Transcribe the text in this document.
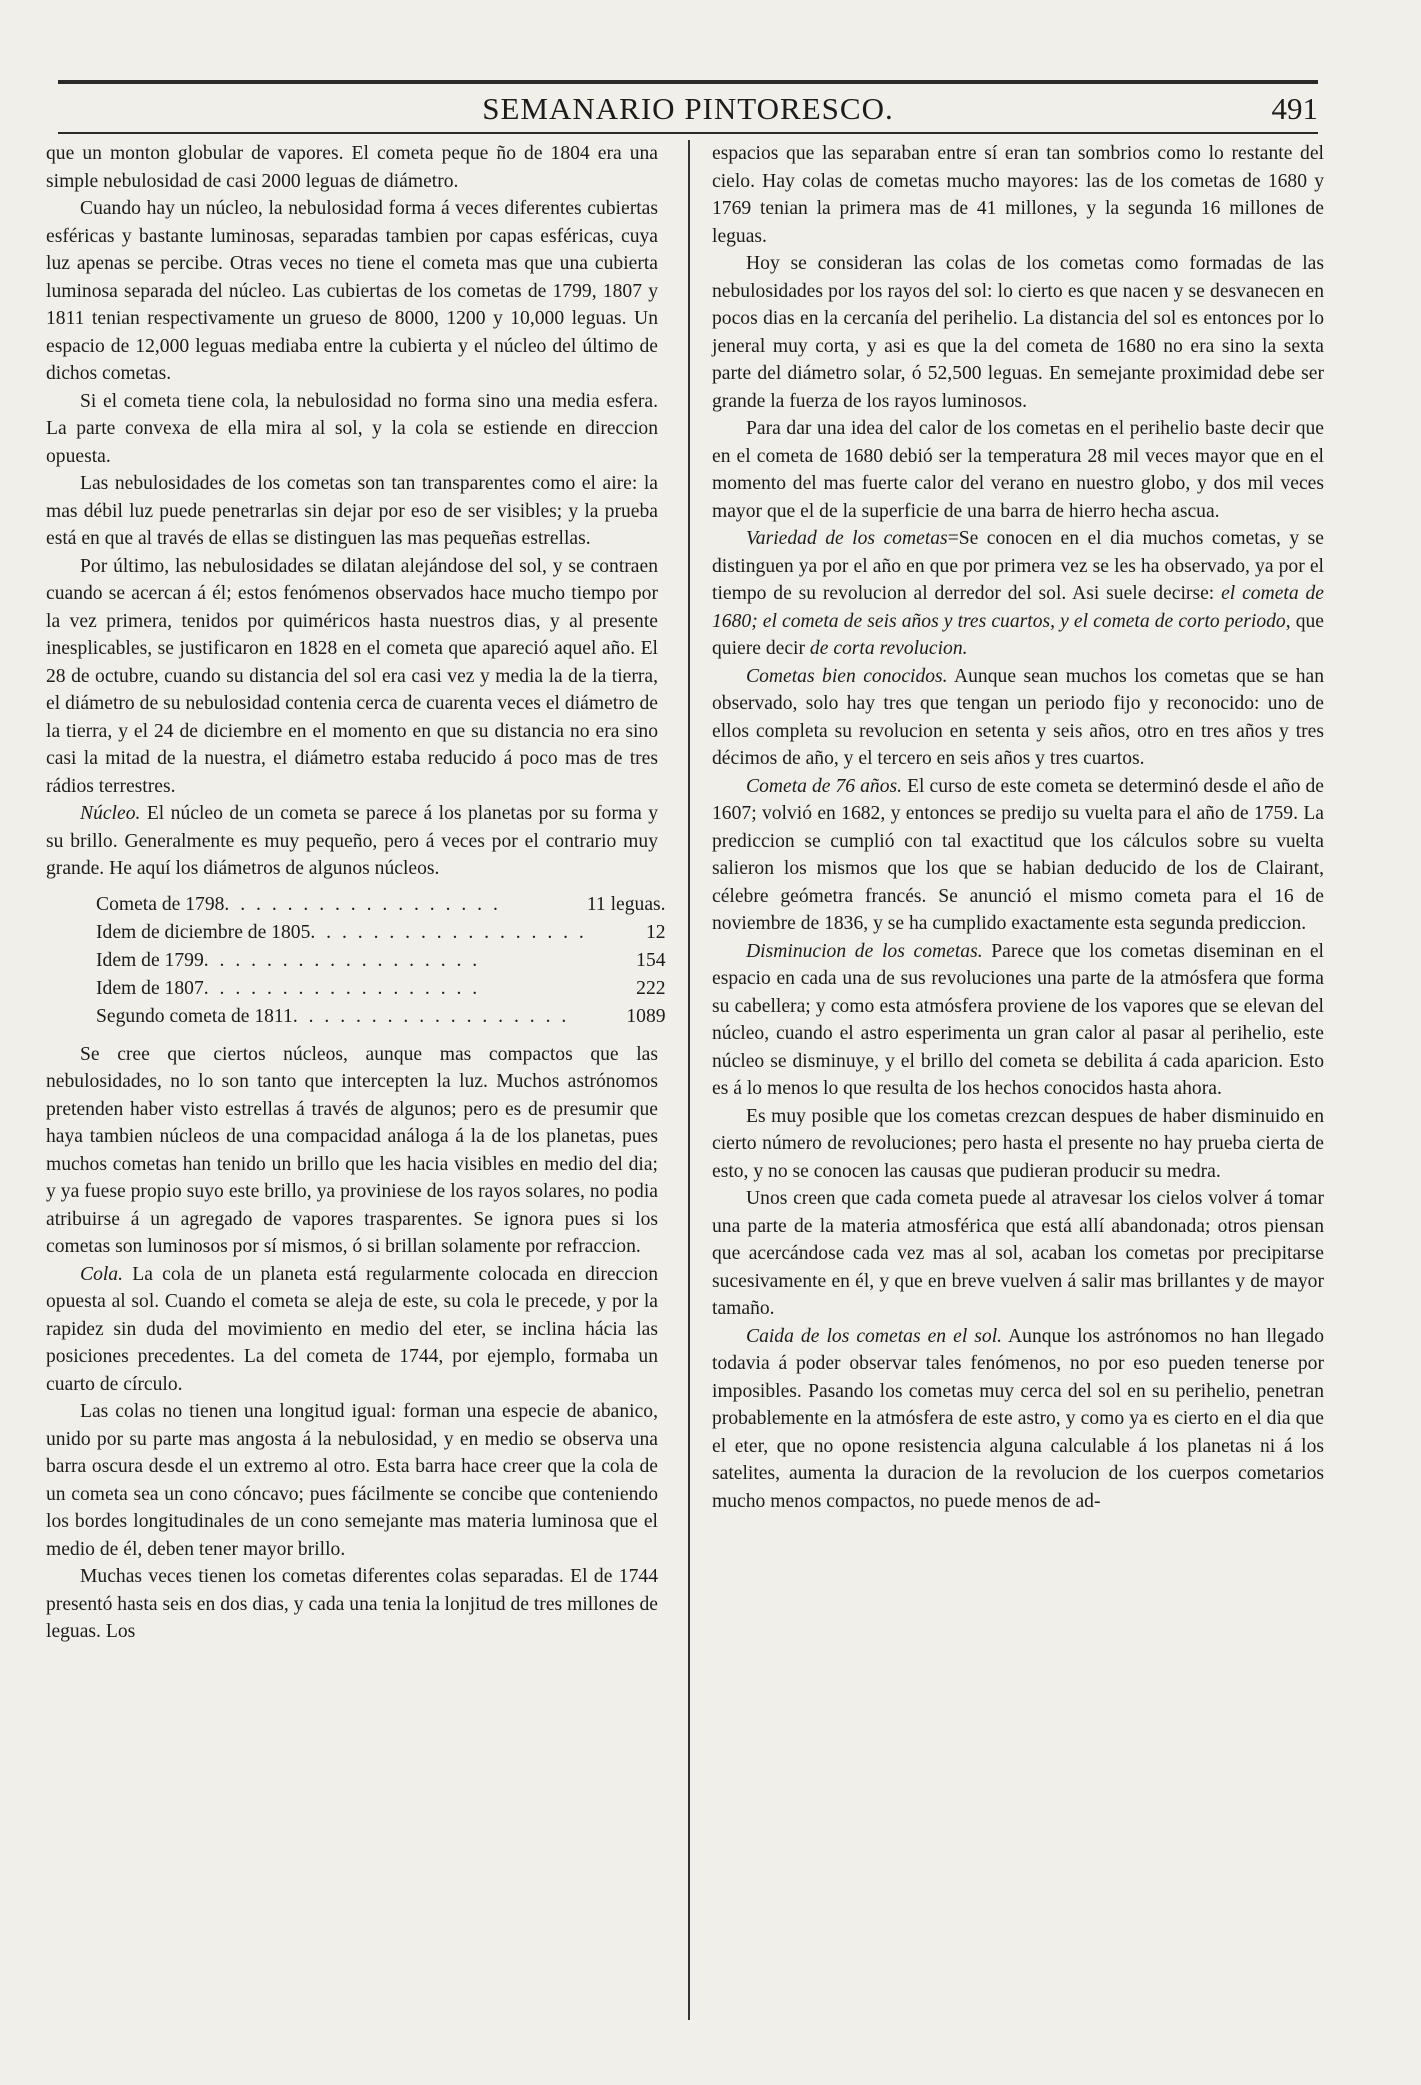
SEMANARIO PINTORESCO.	491

que un monton globular de vapores. El cometa peque ño de 1804 era una simple nebulosidad de casi 2000 leguas de diámetro.

Cuando hay un núcleo, la nebulosidad forma á veces diferentes cubiertas esféricas y bastante luminosas, separadas tambien por capas esféricas, cuya luz apenas se percibe. Otras veces no tiene el cometa mas que una cubierta luminosa separada del núcleo. Las cubiertas de los cometas de 1799, 1807 y 1811 tenian respectivamente un grueso de 8000, 1200 y 10,000 leguas. Un espacio de 12,000 leguas mediaba entre la cubierta y el núcleo del último de dichos cometas.

Si el cometa tiene cola, la nebulosidad no forma sino una media esfera. La parte convexa de ella mira al sol, y la cola se estiende en direccion opuesta.

Las nebulosidades de los cometas son tan transparentes como el aire: la mas débil luz puede penetrarlas sin dejar por eso de ser visibles; y la prueba está en que al través de ellas se distinguen las mas pequeñas estrellas.

Por último, las nebulosidades se dilatan alejándose del sol, y se contraen cuando se acercan á él; estos fenómenos observados hace mucho tiempo por la vez primera, tenidos por quiméricos hasta nuestros dias, y al presente inesplicables, se justificaron en 1828 en el cometa que apareció aquel año. El 28 de octubre, cuando su distancia del sol era casi vez y media la de la tierra, el diámetro de su nebulosidad contenia cerca de cuarenta veces el diámetro de la tierra, y el 24 de diciembre en el momento en que su distancia no era sino casi la mitad de la nuestra, el diámetro estaba reducido á poco mas de tres rádios terrestres.

Núcleo. El núcleo de un cometa se parece á los planetas por su forma y su brillo. Generalmente es muy pequeño, pero á veces por el contrario muy grande. He aquí los diámetros de algunos núcleos.

Cometa de 1798. . . . . . . . . . . . . . . . . .	11 leguas.
Idem de diciembre de 1805. . . . . . . . . . . . . . . . . .	12
Idem de 1799. . . . . . . . . . . . . . . . . .	154
Idem de 1807. . . . . . . . . . . . . . . . . .	222
Segundo cometa de 1811. . . . . . . . . . . . . . . . . .	1089

Se cree que ciertos núcleos, aunque mas compactos que las nebulosidades, no lo son tanto que intercepten la luz. Muchos astrónomos pretenden haber visto estrellas á través de algunos; pero es de presumir que haya tambien núcleos de una compacidad análoga á la de los planetas, pues muchos cometas han tenido un brillo que les hacia visibles en medio del dia; y ya fuese propio suyo este brillo, ya proviniese de los rayos solares, no podia atribuirse á un agregado de vapores trasparentes. Se ignora pues si los cometas son luminosos por sí mismos, ó si brillan solamente por refraccion.

Cola. La cola de un planeta está regularmente colocada en direccion opuesta al sol. Cuando el cometa se aleja de este, su cola le precede, y por la rapidez sin duda del movimiento en medio del eter, se inclina hácia las posiciones precedentes. La del cometa de 1744, por ejemplo, formaba un cuarto de círculo.

Las colas no tienen una longitud igual: forman una especie de abanico, unido por su parte mas angosta á la nebulosidad, y en medio se observa una barra oscura desde el un extremo al otro. Esta barra hace creer que la cola de un cometa sea un cono cóncavo; pues fácilmente se concibe que conteniendo los bordes longitudinales de un cono semejante mas materia luminosa que el medio de él, deben tener mayor brillo.

Muchas veces tienen los cometas diferentes colas separadas. El de 1744 presentó hasta seis en dos dias, y cada una tenia la lonjitud de tres millones de leguas. Los

espacios que las separaban entre sí eran tan sombrios como lo restante del cielo. Hay colas de cometas mucho mayores: las de los cometas de 1680 y 1769 tenian la primera mas de 41 millones, y la segunda 16 millones de leguas.

Hoy se consideran las colas de los cometas como formadas de las nebulosidades por los rayos del sol: lo cierto es que nacen y se desvanecen en pocos dias en la cercanía del perihelio. La distancia del sol es entonces por lo jeneral muy corta, y asi es que la del cometa de 1680 no era sino la sexta parte del diámetro solar, ó 52,500 leguas. En semejante proximidad debe ser grande la fuerza de los rayos luminosos.

Para dar una idea del calor de los cometas en el perihelio baste decir que en el cometa de 1680 debió ser la temperatura 28 mil veces mayor que en el momento del mas fuerte calor del verano en nuestro globo, y dos mil veces mayor que el de la superficie de una barra de hierro hecha ascua.

Variedad de los cometas=Se conocen en el dia muchos cometas, y se distinguen ya por el año en que por primera vez se les ha observado, ya por el tiempo de su revolucion al derredor del sol. Asi suele decirse: el cometa de 1680; el cometa de seis años y tres cuartos, y el cometa de corto periodo, que quiere decir de corta revolucion.

Cometas bien conocidos. Aunque sean muchos los cometas que se han observado, solo hay tres que tengan un periodo fijo y reconocido: uno de ellos completa su revolucion en setenta y seis años, otro en tres años y tres décimos de año, y el tercero en seis años y tres cuartos.

Cometa de 76 años. El curso de este cometa se determinó desde el año de 1607; volvió en 1682, y entonces se predijo su vuelta para el año de 1759. La prediccion se cumplió con tal exactitud que los cálculos sobre su vuelta salieron los mismos que los que se habian deducido de los de Clairant, célebre geómetra francés. Se anunció el mismo cometa para el 16 de noviembre de 1836, y se ha cumplido exactamente esta segunda prediccion.

Disminucion de los cometas. Parece que los cometas diseminan en el espacio en cada una de sus revoluciones una parte de la atmósfera que forma su cabellera; y como esta atmósfera proviene de los vapores que se elevan del núcleo, cuando el astro esperimenta un gran calor al pasar al perihelio, este núcleo se disminuye, y el brillo del cometa se debilita á cada aparicion. Esto es á lo menos lo que resulta de los hechos conocidos hasta ahora.

Es muy posible que los cometas crezcan despues de haber disminuido en cierto número de revoluciones; pero hasta el presente no hay prueba cierta de esto, y no se conocen las causas que pudieran producir su medra.

Unos creen que cada cometa puede al atravesar los cielos volver á tomar una parte de la materia atmosférica que está allí abandonada; otros piensan que acercándose cada vez mas al sol, acaban los cometas por precipitarse sucesivamente en él, y que en breve vuelven á salir mas brillantes y de mayor tamaño.

Caida de los cometas en el sol. Aunque los astrónomos no han llegado todavia á poder observar tales fenómenos, no por eso pueden tenerse por imposibles. Pasando los cometas muy cerca del sol en su perihelio, penetran probablemente en la atmósfera de este astro, y como ya es cierto en el dia que el eter, que no opone resistencia alguna calculable á los planetas ni á los satelites, aumenta la duracion de la revolucion de los cuerpos cometarios mucho menos compactos, no puede menos de ad-
